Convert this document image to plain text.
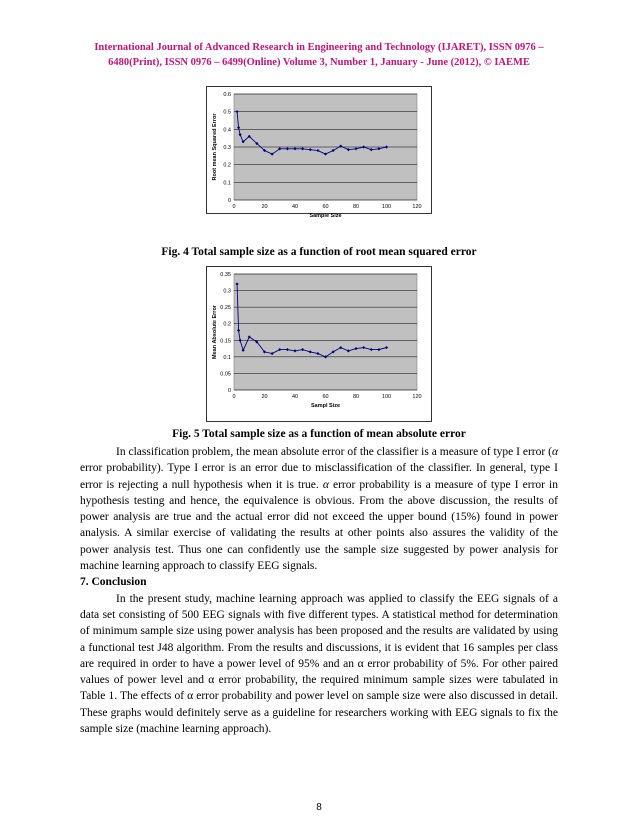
International Journal of Advanced Research in Engineering and Technology (IJARET), ISSN 0976 –
6480(Print), ISSN 0976 – 6499(Online) Volume 3, Number 1, January - June (2012), © IAEME
0
0.1
0.2
0.3
0.4
0.5
0.6
0	20	40	60	80	100	120
Sample Size
Root mean Squared Error
Fig. 4 Total sample size as a function of root mean squared error
0
0.05
0.1
0.15
0.2
0.25
0.3
0.35
0	20	40	60	80	100	120
Sampl Size
Mean Absolute Error
Fig. 5 Total sample size as a function of mean absolute error

In classification problem, the mean absolute error of the classifier is a measure of type I error (α error probability). Type I error is an error due to misclassification of the classifier. In general, type I error is rejecting a null hypothesis when it is true. α error probability is a measure of type I error in hypothesis testing and hence, the equivalence is obvious. From the above discussion, the results of power analysis are true and the actual error did not exceed the upper bound (15%) found in power analysis. A similar exercise of validating the results at other points also assures the validity of the power analysis test. Thus one can confidently use the sample size suggested by power analysis for machine learning approach to classify EEG signals.

7. Conclusion

In the present study, machine learning approach was applied to classify the EEG signals of a data set consisting of 500 EEG signals with five different types. A statistical method for determination of minimum sample size using power analysis has been proposed and the results are validated by using a functional test J48 algorithm. From the results and discussions, it is evident that 16 samples per class are required in order to have a power level of 95% and an α error probability of 5%. For other paired values of power level and α error probability, the required minimum sample sizes were tabulated in Table 1. The effects of α error probability and power level on sample size were also discussed in detail. These graphs would definitely serve as a guideline for researchers working with EEG signals to fix the sample size (machine learning approach).

8
